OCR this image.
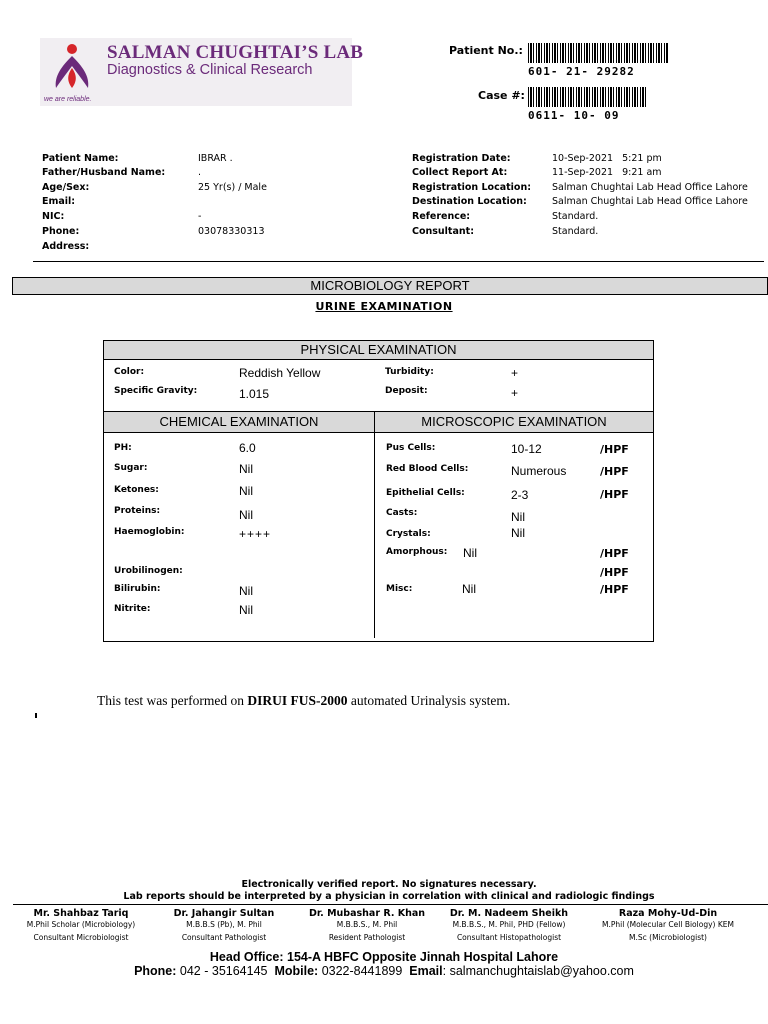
SALMAN CHUGHTAI’S LAB
Diagnostics & Clinical Research
we are reliable.
Patient No.:
601- 21- 29282
Case #:
0611- 10- 09
Patient Name:	IBRAR .
Father/Husband Name:	.
Age/Sex:	25 Yr(s) / Male
Email:
NIC:	-
Phone:	03078330313
Address:
Registration Date:	10-Sep-2021   5:21 pm
Collect Report At:	11-Sep-2021   9:21 am
Registration Location: Salman Chughtai Lab Head Office Lahore
Destination Location:	Salman Chughtai Lab Head Office Lahore
Reference:	Standard.
Consultant:	Standard.
MICROBIOLOGY REPORT
URINE EXAMINATION
PHYSICAL EXAMINATION
Color:	Reddish Yellow
Specific Gravity:	1.015
Turbidity:	+
Deposit:	+
CHEMICAL EXAMINATION	MICROSCOPIC EXAMINATION
PH:	6.0
Sugar:	Nil
Ketones:	Nil
Proteins:	Nil
Haemoglobin:	++++
Urobilinogen:
Bilirubin:	Nil
Nitrite:	Nil
Pus Cells:	10-12	/HPF
Red Blood Cells:	Numerous	/HPF
Epithelial Cells:	2-3	/HPF
Casts:	Nil
Crystals:	Nil
Amorphous: Nil	/HPF
/HPF
Misc:	Nil	/HPF
This test was performed on DIRUI FUS-2000 automated Urinalysis system.
Electronically verified report. No signatures necessary.
Lab reports should be interpreted by a physician in correlation with clinical and radiologic findings
Mr. Shahbaz Tariq
M.Phil Scholar (Microbiology)
Consultant Microbiologist
Dr. Jahangir Sultan
M.B.B.S (Pb), M. Phil
Consultant Pathologist
Dr. Mubashar R. Khan
M.B.B.S., M. Phil
Resident Pathologist
Dr. M. Nadeem Sheikh
M.B.B.S., M. Phil, PHD (Fellow)
Consultant Histopathologist
Raza Mohy-Ud-Din
M.Phil (Molecular Cell Biology) KEM
M.Sc (Microbiologist)
Head Office: 154-A HBFC Opposite Jinnah Hospital Lahore
Phone: 042 - 35164145 Mobile: 0322-8441899 Email: salmanchughtaislab@yahoo.com
